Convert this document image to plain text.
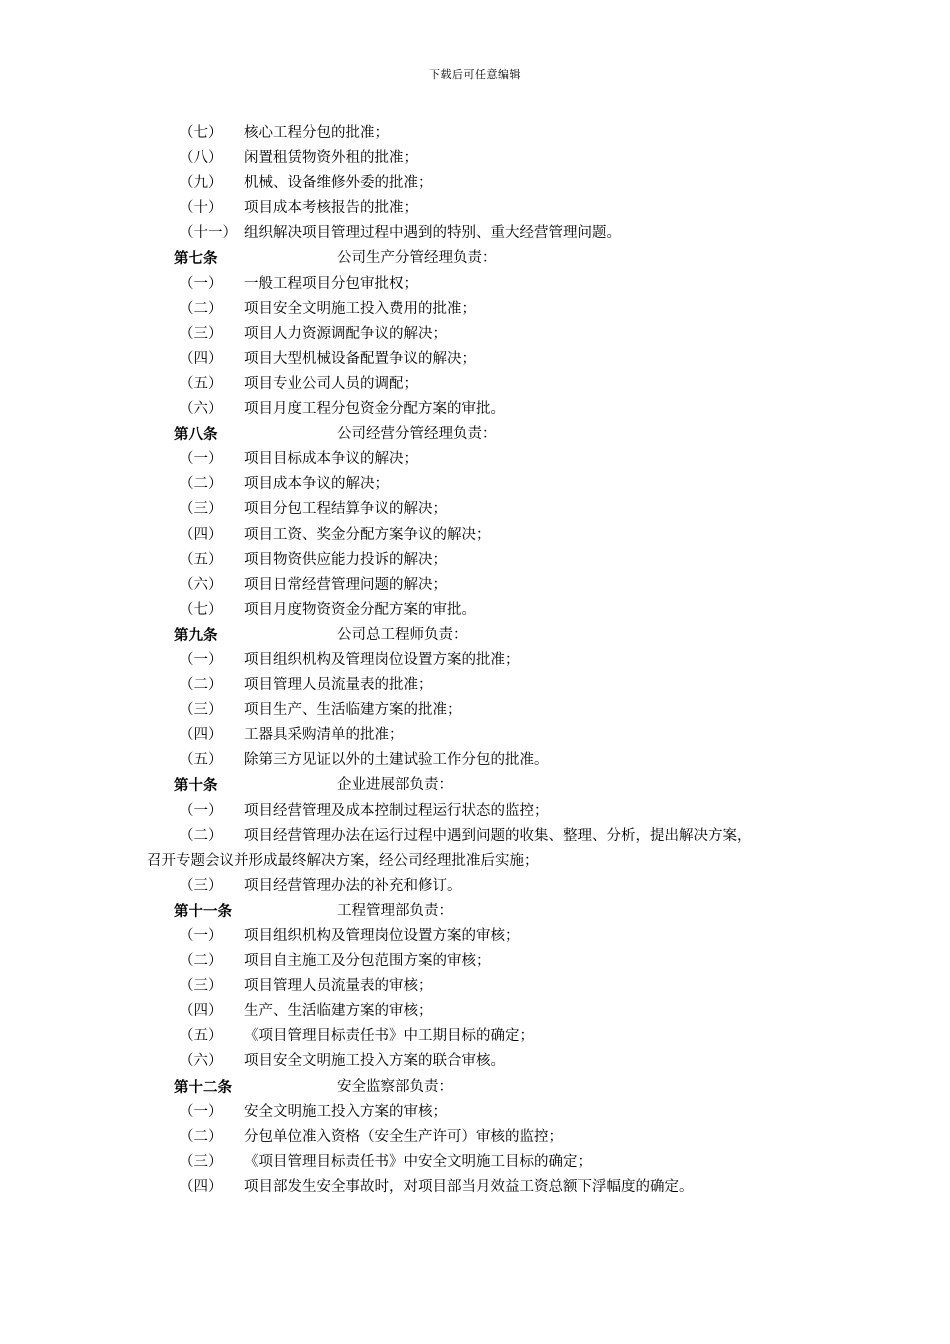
下载后可任意编辑
（七） 核心工程分包的批准；
（八） 闲置租赁物资外租的批准；
（九） 机械、设备维修外委的批准；
（十） 项目成本考核报告的批准；
（十一） 组织解决项目管理过程中遇到的特别、重大经营管理问题。
第七条	公司生产分管经理负责：
（一） 一般工程项目分包审批权；
（二） 项目安全文明施工投入费用的批准；
（三） 项目人力资源调配争议的解决；
（四） 项目大型机械设备配置争议的解决；
（五） 项目专业公司人员的调配；
（六） 项目月度工程分包资金分配方案的审批。
第八条	公司经营分管经理负责：
（一） 项目目标成本争议的解决；
（二） 项目成本争议的解决；
（三） 项目分包工程结算争议的解决；
（四） 项目工资、奖金分配方案争议的解决；
（五） 项目物资供应能力投诉的解决；
（六） 项目日常经营管理问题的解决；
（七） 项目月度物资资金分配方案的审批。
第九条	公司总工程师负责：
（一） 项目组织机构及管理岗位设置方案的批准；
（二） 项目管理人员流量表的批准；
（三） 项目生产、生活临建方案的批准；
（四） 工器具采购清单的批准；
（五） 除第三方见证以外的土建试验工作分包的批准。
第十条	企业进展部负责：
（一） 项目经营管理及成本控制过程运行状态的监控；
（二） 项目经营管理办法在运行过程中遇到问题的收集、整理、分析，提出解决方案，
召开专题会议并形成最终解决方案，经公司经理批准后实施；
（三） 项目经营管理办法的补充和修订。
第十一条	工程管理部负责：
（一） 项目组织机构及管理岗位设置方案的审核；
（二） 项目自主施工及分包范围方案的审核；
（三） 项目管理人员流量表的审核；
（四） 生产、生活临建方案的审核；
（五） 《项目管理目标责任书》中工期目标的确定；
（六） 项目安全文明施工投入方案的联合审核。
第十二条	安全监察部负责：
（一） 安全文明施工投入方案的审核；
（二） 分包单位准入资格（安全生产许可）审核的监控；
（三） 《项目管理目标责任书》中安全文明施工目标的确定；
（四） 项目部发生安全事故时，对项目部当月效益工资总额下浮幅度的确定。
